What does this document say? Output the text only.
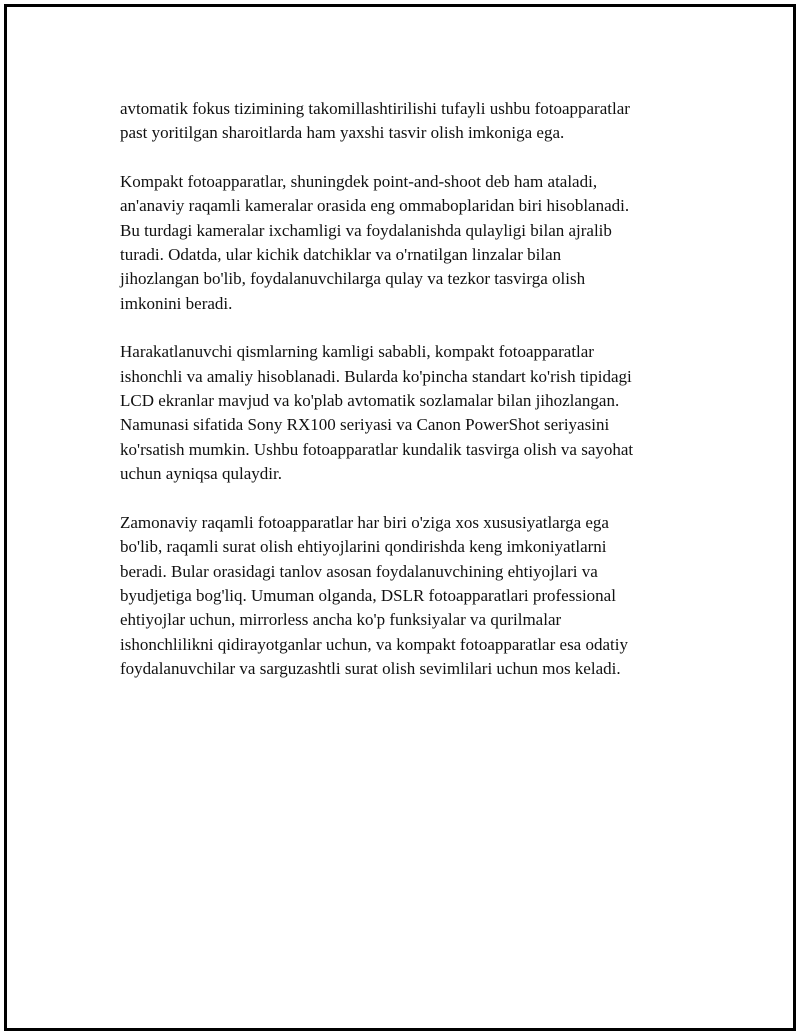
avtomatik fokus tizimining takomillashtirilishi tufayli ushbu fotoapparatlar
past yoritilgan sharoitlarda ham yaxshi tasvir olish imkoniga ega.

Kompakt fotoapparatlar, shuningdek point-and-shoot deb ham ataladi,
an'anaviy raqamli kameralar orasida eng ommaboplaridan biri hisoblanadi.
Bu turdagi kameralar ixchamligi va foydalanishda qulayligi bilan ajralib
turadi. Odatda, ular kichik datchiklar va o'rnatilgan linzalar bilan
jihozlangan bo'lib, foydalanuvchilarga qulay va tezkor tasvirga olish
imkonini beradi.

Harakatlanuvchi qismlarning kamligi sababli, kompakt fotoapparatlar
ishonchli va amaliy hisoblanadi. Bularda ko'pincha standart ko'rish tipidagi
LCD ekranlar mavjud va ko'plab avtomatik sozlamalar bilan jihozlangan.
Namunasi sifatida Sony RX100 seriyasi va Canon PowerShot seriyasini
ko'rsatish mumkin. Ushbu fotoapparatlar kundalik tasvirga olish va sayohat
uchun ayniqsa qulaydir.

Zamonaviy raqamli fotoapparatlar har biri o'ziga xos xususiyatlarga ega
bo'lib, raqamli surat olish ehtiyojlarini qondirishda keng imkoniyatlarni
beradi. Bular orasidagi tanlov asosan foydalanuvchining ehtiyojlari va
byudjetiga bog'liq. Umuman olganda, DSLR fotoapparatlari professional
ehtiyojlar uchun, mirrorless ancha ko'p funksiyalar va qurilmalar
ishonchlilikni qidirayotganlar uchun, va kompakt fotoapparatlar esa odatiy
foydalanuvchilar va sarguzashtli surat olish sevimlilari uchun mos keladi.
